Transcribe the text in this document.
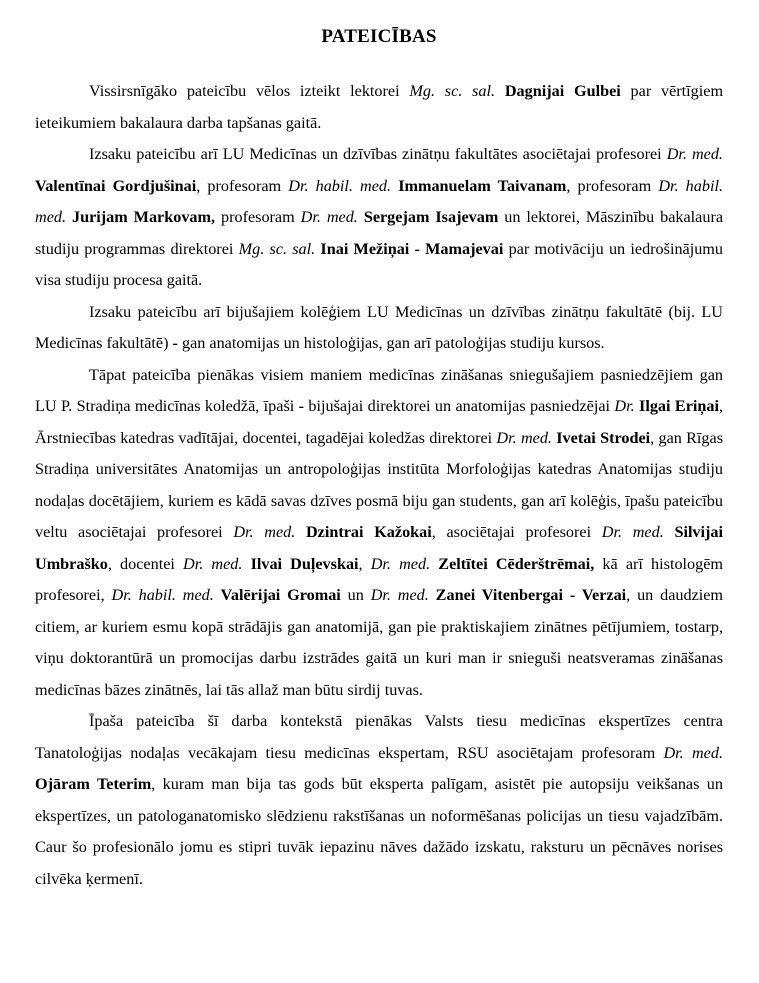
PATEICĪBAS

Vissirsnīgāko pateicību vēlos izteikt lektorei Mg. sc. sal. Dagnijai Gulbei par vērtīgiem ieteikumiem bakalaura darba tapšanas gaitā.

Izsaku pateicību arī LU Medicīnas un dzīvības zinātņu fakultātes asociētajai profesorei Dr. med. Valentīnai Gordjušinai, profesoram Dr. habil. med. Immanuelam Taivanam, profesoram Dr. habil. med. Jurijam Markovam, profesoram Dr. med. Sergejam Isajevam un lektorei, Māszinību bakalaura studiju programmas direktorei Mg. sc. sal. Inai Mežiņai - Mamajevai par motivāciju un iedrošinājumu visa studiju procesa gaitā.

Izsaku pateicību arī bijušajiem kolēģiem LU Medicīnas un dzīvības zinātņu fakultātē (bij. LU Medicīnas fakultātē) - gan anatomijas un histoloģijas, gan arī patoloģijas studiju kursos.

Tāpat pateicība pienākas visiem maniem medicīnas zināšanas sniegušajiem pasniedzējiem gan LU P. Stradiņa medicīnas koledžā, īpaši - bijušajai direktorei un anatomijas pasniedzējai Dr. Ilgai Eriņai, Ārstniecības katedras vadītājai, docentei, tagadējai koledžas direktorei Dr. med. Ivetai Strodei, gan Rīgas Stradiņa universitātes Anatomijas un antropoloģijas institūta Morfoloģijas katedras Anatomijas studiju nodaļas docētājiem, kuriem es kādā savas dzīves posmā biju gan students, gan arī kolēģis, īpašu pateicību veltu asociētajai profesorei Dr. med. Dzintrai Kažokai, asociētajai profesorei Dr. med. Silvijai Umbraško, docentei Dr. med. Ilvai Duļevskai, Dr. med. Zeltītei Cēderštrēmai, kā arī histologēm profesorei, Dr. habil. med. Valērijai Gromai un Dr. med. Zanei Vitenbergai - Verzai, un daudziem citiem, ar kuriem esmu kopā strādājis gan anatomijā, gan pie praktiskajiem zinātnes pētījumiem, tostarp, viņu doktorantūrā un promocijas darbu izstrādes gaitā un kuri man ir snieguši neatsveramas zināšanas medicīnas bāzes zinātnēs, lai tās allaž man būtu sirdij tuvas.

Īpaša pateicība šī darba kontekstā pienākas Valsts tiesu medicīnas ekspertīzes centra Tanatoloģijas nodaļas vecākajam tiesu medicīnas ekspertam, RSU asociētajam profesoram Dr. med. Ojāram Teterim, kuram man bija tas gods būt eksperta palīgam, asistēt pie autopsiju veikšanas un ekspertīzes, un patologanatomisko slēdzienu rakstīšanas un noformēšanas policijas un tiesu vajadzībām. Caur šo profesionālo jomu es stipri tuvāk iepazinu nāves dažādo izskatu, raksturu un pēcnāves norises cilvēka ķermenī.
